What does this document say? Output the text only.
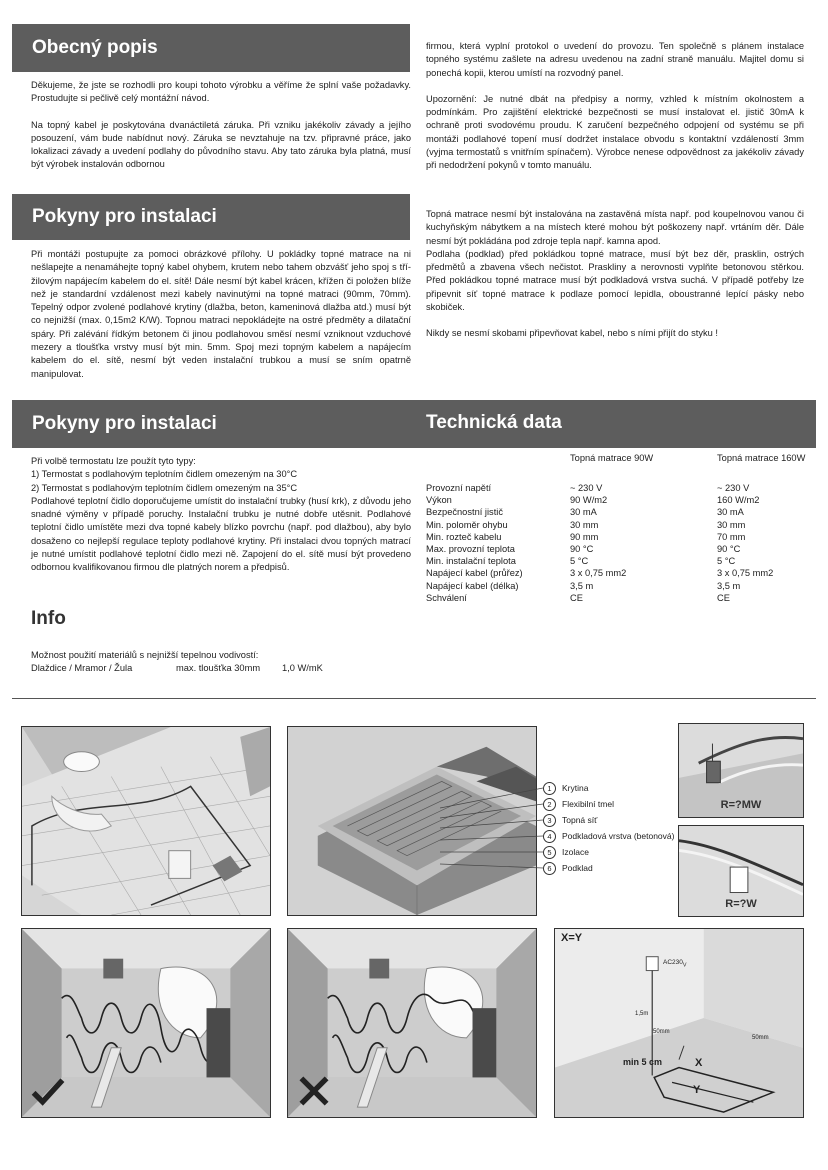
Obecný popis

Děkujeme, že jste se rozhodli pro koupi tohoto výrobku a věříme že splní vaše požadavky. Prostudujte si pečlivě celý montážní návod.

Na topný kabel je poskytována dvanáctiletá záruka. Při vzniku jakékoliv závady a jejího posouzení, vám bude nabídnut nový. Záruka se nevztahuje na tzv. připravné práce, jako lokalizaci závady a uvedení podlahy do původního stavu. Aby tato záruka byla platná, musí být výrobek instalován odbornou

firmou, která vyplní protokol o uvedení do provozu. Ten společně s plánem instalace topného systému zašlete na adresu uvedenou na zadní straně manuálu. Majitel domu si ponechá kopii, kterou umístí na rozvodný panel.

Upozornění: Je nutné dbát na předpisy a normy, vzhled k místním okolnostem a podmínkám. Pro zajištění elektrické bezpečnosti se musí instalovat el. jistič 30mA k ochraně proti svodovému proudu. K zaručení bezpečného odpojení od systému se při montáži podlahové topení musí dodržet instalace obvodu s kontaktní vzdáleností 3mm (vyjma termostatů s vnitřním spínačem). Výrobce nenese odpovědnost za jakékoliv závady při nedodržení pokynů v tomto manuálu.

Pokyny pro instalaci

Při montáži postupujte za pomoci obrázkové přílohy. U pokládky topné matrace na ni nešlapejte a nenamáhejte topný kabel ohybem, krutem nebo tahem obzvášť jeho spoj s tří-žilovým napájecím kabelem do el. sítě! Dále nesmí být kabel krácen, křížen či položen blíže než je standardní vzdálenost mezi kabely navinutými na topné matraci (90mm, 70mm). Tepelný odpor zvolené podlahové krytiny (dlažba, beton, kameninová dlažba atd.) musí být co nejnižší (max. 0,15m2 K/W). Topnou matraci nepokládejte na ostré předměty a dilatační spáry. Při zalévání řídkým betonem či jinou podlahovou směsí nesmí vzniknout vzduchové mezery a tloušťka vrstvy musí být min. 5mm. Spoj mezi topným kabelem a napájecím kabelem do el. sítě, nesmí být veden instalační trubkou a musí se sním opatrně manipulovat.

Topná matrace nesmí být instalována na zastavěná místa např. pod koupelnovou vanou či kuchyňským nábytkem a na místech které mohou být poškozeny např. vrtáním děr. Dále nesmí být pokládána pod zdroje tepla např. kamna apod.

Podlaha (podklad) před pokládkou topné matrace, musí být bez děr, prasklin, ostrých předmětů a zbavena všech nečistot. Praskliny a nerovnosti vyplňte betonovou stěrkou. Před pokládkou topné matrace musí být podkladová vrstva suchá. V případě potřeby lze připevnit síť topné matrace k podlaze pomocí lepidla, oboustranné lepící pásky nebo skobiček.

Nikdy se nesmí skobami připevňovat kabel, nebo s ními přijít do styku !

Pokyny pro instalaci	Technická data
Při volbě termostatu lze použít tyto typy:
1) Termostat s podlahovým teplotním čidlem omezeným na 30°C
2) Termostat s podlahovým teplotním čidlem omezeným na 35°C

Podlahové teplotní čidlo doporučujeme umístit do instalační trubky (husí krk), z důvodu jeho snadné výměny v případě poruchy. Instalační trubku je nutné dobře utěsnit. Podlahové teplotní čidlo umístěte mezi dva topné kabely blízko povrchu (např. pod dlažbou), aby bylo dosaženo co nejlepší regulace teploty podlahové krytiny. Při instalaci dvou topných matrací je nutné umístit podlahové teplotní čidlo mezi ně. Zapojení do el. sítě musí být provedeno odbornou kvalifikovanou firmou dle platných norem a předpisů.

Info
Možnost použití materiálů s nejnižší tepelnou vodivostí:
Dlaždice / Mramor / Žula	max. tloušťka 30mm 1,0 W/mK
	Topná matrace 90W	Topná matrace 160W
Provozní napětí	~ 230 V	~ 230 V
Výkon	90 W/m2	160 W/m2
Bezpečnostní jistič	30 mA	30 mA
Min. poloměr ohybu	30 mm	30 mm
Min. rozteč kabelu	90 mm	70 mm
Max. provozní teplota	90 °C	90 °C
Min. instalační teplota	5 °C	5 °C
Napájecí kabel (průřez)	3 x 0,75 mm2	3 x 0,75 mm2
Napájecí kabel (délka)	3,5 m	3,5 m
Schválení	CE	CE
1	Krytina
2	Flexibilní tmel
3	Topná síť
4	Podkladová vrstva (betonová)
5	Izolace
6	Podklad
R=?MW
R=?W
X=Y
$AC230_V$
1,5m
50mm
50mm
min 5 cm	X
Y
